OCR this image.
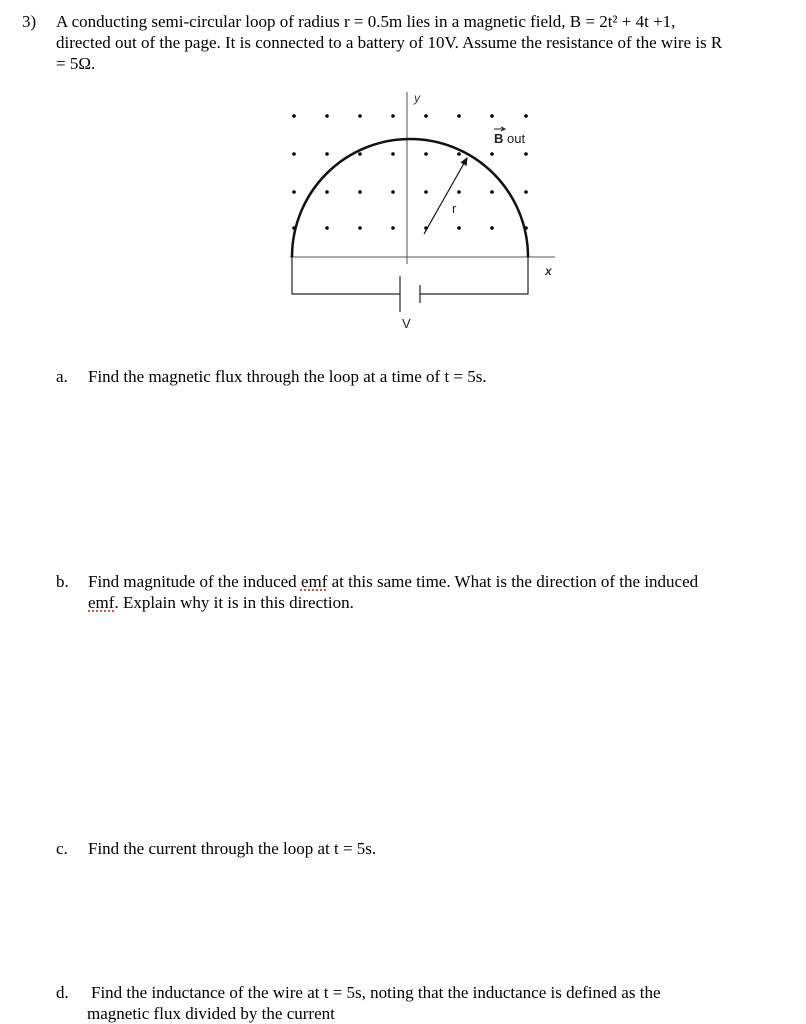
3) A conducting semi-circular loop of radius r = 0.5m lies in a magnetic field, B = 2t² + 4t +1,
directed out of the page. It is connected to a battery of 10V. Assume the resistance of the wire is R
= 5Ω.
y
x
r
B out
V
a. Find the magnetic flux through the loop at a time of t = 5s.
b. Find magnitude of the induced emf at this same time. What is the direction of the induced
emf. Explain why it is in this direction.
c. Find the current through the loop at t = 5s.
d. Find the inductance of the wire at t = 5s, noting that the inductance is defined as the
magnetic flux divided by the current
